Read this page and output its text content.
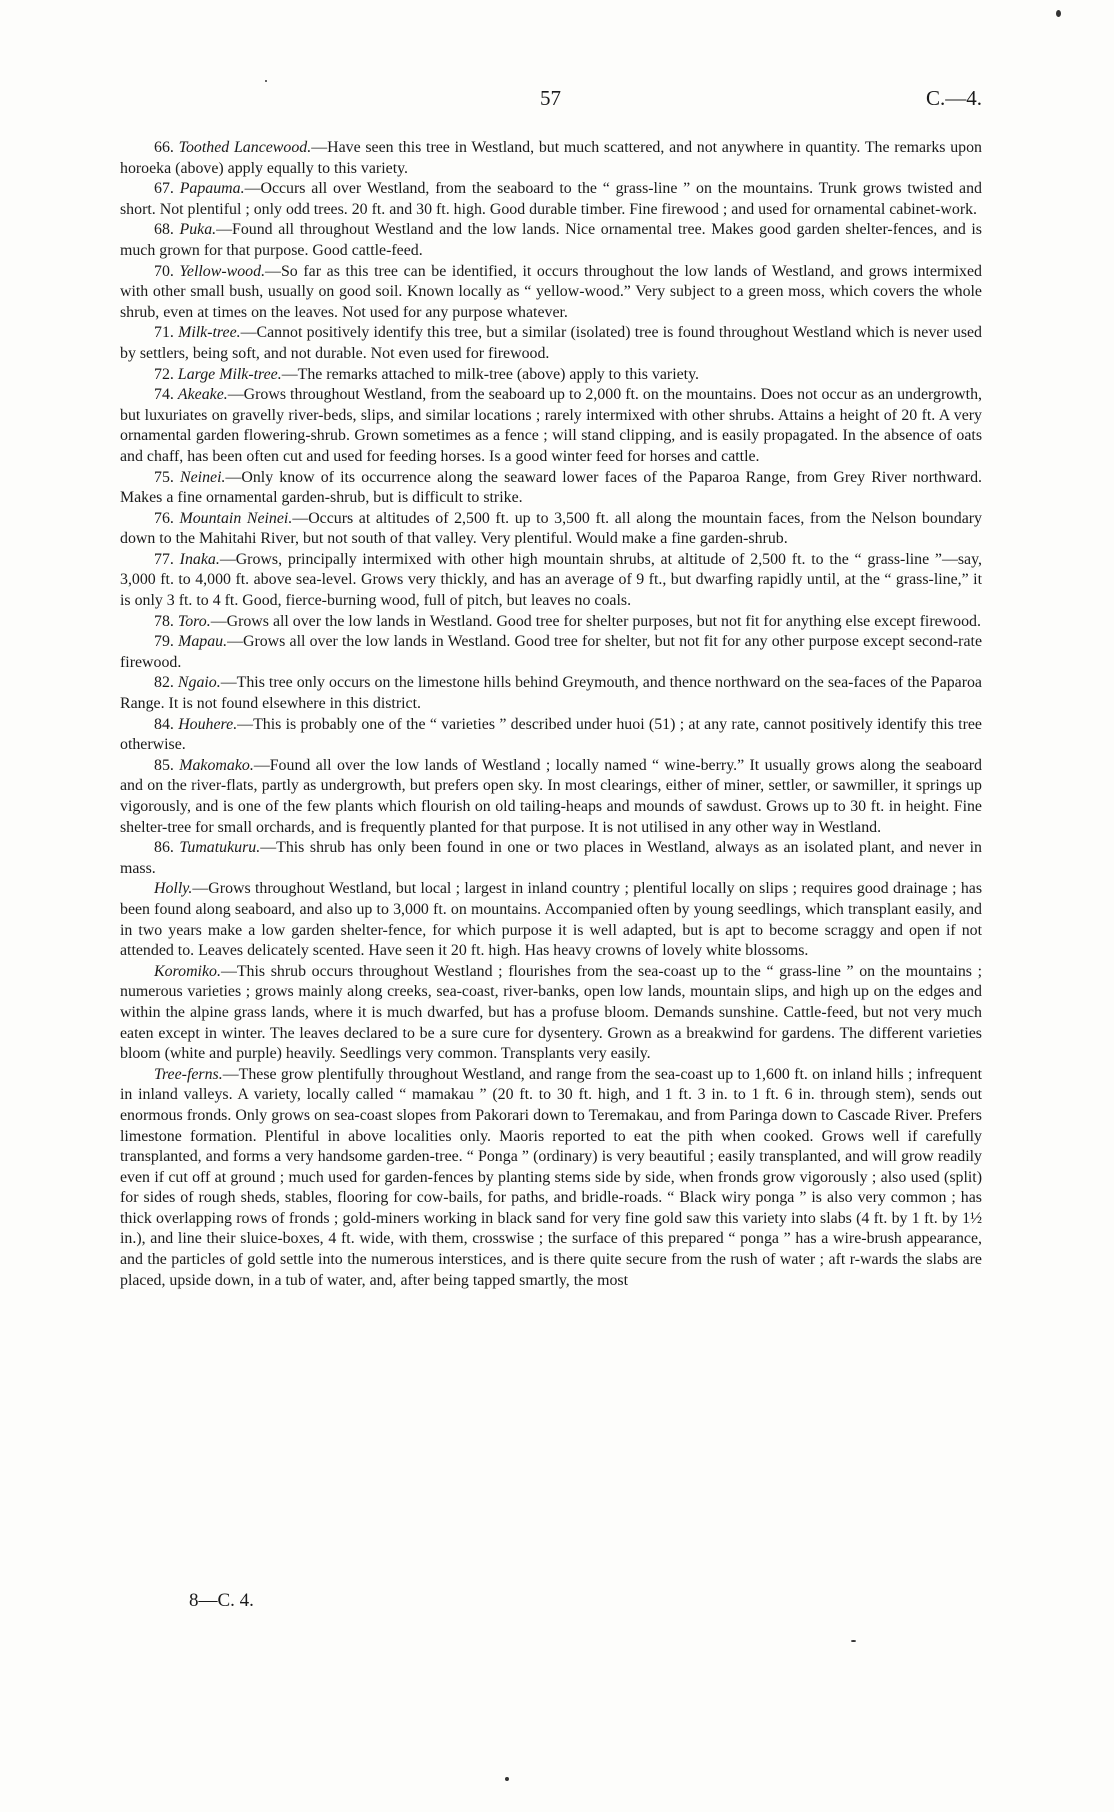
57	C.—4.

66. Toothed Lancewood.—Have seen this tree in Westland, but much scattered, and not anywhere in quantity. The remarks upon horoeka (above) apply equally to this variety.

67. Papauma.—Occurs all over Westland, from the seaboard to the “ grass-line ” on the mountains. Trunk grows twisted and short. Not plentiful ; only odd trees. 20 ft. and 30 ft. high. Good durable timber. Fine firewood ; and used for ornamental cabinet-work.

68. Puka.—Found all throughout Westland and the low lands. Nice ornamental tree. Makes good garden shelter-fences, and is much grown for that purpose. Good cattle-feed.

70. Yellow-wood.—So far as this tree can be identified, it occurs throughout the low lands of Westland, and grows intermixed with other small bush, usually on good soil. Known locally as “ yellow-wood.” Very subject to a green moss, which covers the whole shrub, even at times on the leaves. Not used for any purpose whatever.

71. Milk-tree.—Cannot positively identify this tree, but a similar (isolated) tree is found throughout Westland which is never used by settlers, being soft, and not durable. Not even used for firewood.

72. Large Milk-tree.—The remarks attached to milk-tree (above) apply to this variety.

74. Akeake.—Grows throughout Westland, from the seaboard up to 2,000 ft. on the mountains. Does not occur as an undergrowth, but luxuriates on gravelly river-beds, slips, and similar locations ; rarely intermixed with other shrubs. Attains a height of 20 ft. A very ornamental garden flowering-shrub. Grown sometimes as a fence ; will stand clipping, and is easily propagated. In the absence of oats and chaff, has been often cut and used for feeding horses. Is a good winter feed for horses and cattle.

75. Neinei.—Only know of its occurrence along the seaward lower faces of the Paparoa Range, from Grey River northward. Makes a fine ornamental garden-shrub, but is difficult to strike.

76. Mountain Neinei.—Occurs at altitudes of 2,500 ft. up to 3,500 ft. all along the mountain faces, from the Nelson boundary down to the Mahitahi River, but not south of that valley. Very plentiful. Would make a fine garden-shrub.

77. Inaka.—Grows, principally intermixed with other high mountain shrubs, at altitude of 2,500 ft. to the “ grass-line ”—say, 3,000 ft. to 4,000 ft. above sea-level. Grows very thickly, and has an average of 9 ft., but dwarfing rapidly until, at the “ grass-line,” it is only 3 ft. to 4 ft. Good, fierce-burning wood, full of pitch, but leaves no coals.

78. Toro.—Grows all over the low lands in Westland. Good tree for shelter purposes, but not fit for anything else except firewood.

79. Mapau.—Grows all over the low lands in Westland. Good tree for shelter, but not fit for any other purpose except second-rate firewood.

82. Ngaio.—This tree only occurs on the limestone hills behind Greymouth, and thence northward on the sea-faces of the Paparoa Range. It is not found elsewhere in this district.

84. Houhere.—This is probably one of the “ varieties ” described under huoi (51) ; at any rate, cannot positively identify this tree otherwise.

85. Makomako.—Found all over the low lands of Westland ; locally named “ wine-berry.” It usually grows along the seaboard and on the river-flats, partly as undergrowth, but prefers open sky. In most clearings, either of miner, settler, or sawmiller, it springs up vigorously, and is one of the few plants which flourish on old tailing-heaps and mounds of sawdust. Grows up to 30 ft. in height. Fine shelter-tree for small orchards, and is frequently planted for that purpose. It is not utilised in any other way in Westland.

86. Tumatukuru.—This shrub has only been found in one or two places in Westland, always as an isolated plant, and never in mass.

Holly.—Grows throughout Westland, but local ; largest in inland country ; plentiful locally on slips ; requires good drainage ; has been found along seaboard, and also up to 3,000 ft. on mountains. Accompanied often by young seedlings, which transplant easily, and in two years make a low garden shelter-fence, for which purpose it is well adapted, but is apt to become scraggy and open if not attended to. Leaves delicately scented. Have seen it 20 ft. high. Has heavy crowns of lovely white blossoms.

Koromiko.—This shrub occurs throughout Westland ; flourishes from the sea-coast up to the “ grass-line ” on the mountains ; numerous varieties ; grows mainly along creeks, sea-coast, river-banks, open low lands, mountain slips, and high up on the edges and within the alpine grass lands, where it is much dwarfed, but has a profuse bloom. Demands sunshine. Cattle-feed, but not very much eaten except in winter. The leaves declared to be a sure cure for dysentery. Grown as a breakwind for gardens. The different varieties bloom (white and purple) heavily. Seedlings very common. Transplants very easily.

Tree-ferns.—These grow plentifully throughout Westland, and range from the sea-coast up to 1,600 ft. on inland hills ; infrequent in inland valleys. A variety, locally called “ mamakau ” (20 ft. to 30 ft. high, and 1 ft. 3 in. to 1 ft. 6 in. through stem), sends out enormous fronds. Only grows on sea-coast slopes from Pakorari down to Teremakau, and from Paringa down to Cascade River. Prefers limestone formation. Plentiful in above localities only. Maoris reported to eat the pith when cooked. Grows well if carefully transplanted, and forms a very handsome garden-tree. “ Ponga ” (ordinary) is very beautiful ; easily transplanted, and will grow readily even if cut off at ground ; much used for garden-fences by planting stems side by side, when fronds grow vigorously ; also used (split) for sides of rough sheds, stables, flooring for cow-bails, for paths, and bridle-roads. “ Black wiry ponga ” is also very common ; has thick overlapping rows of fronds ; gold-miners working in black sand for very fine gold saw this variety into slabs (4 ft. by 1 ft. by 1½ in.), and line their sluice-boxes, 4 ft. wide, with them, crosswise ; the surface of this prepared “ ponga ” has a wire-brush appearance, and the particles of gold settle into the numerous interstices, and is there quite secure from the rush of water ; aft r-wards the slabs are placed, upside down, in a tub of water, and, after being tapped smartly, the most

8—C. 4.
